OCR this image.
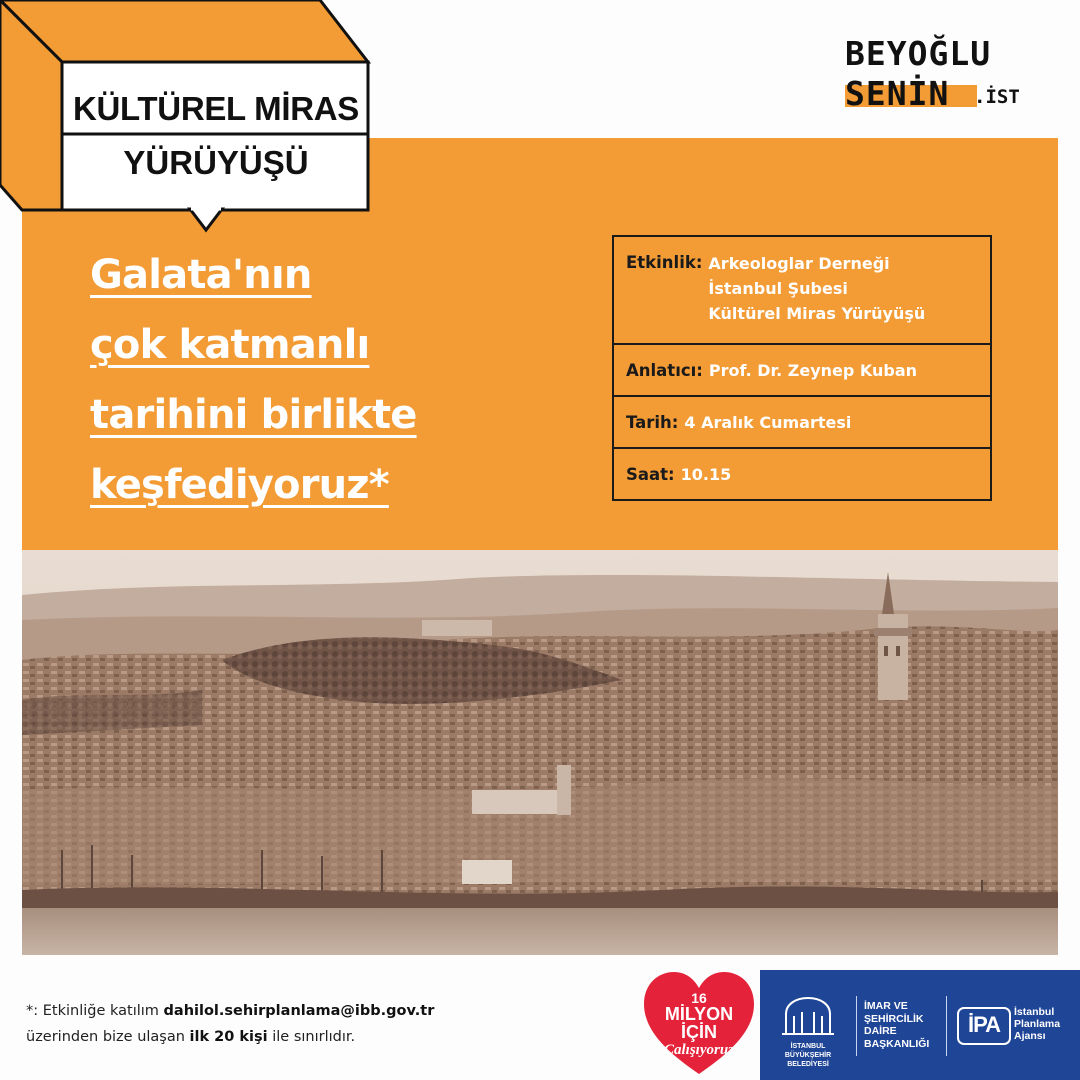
KÜLTÜREL MİRAS
YÜRÜYÜŞÜ
BEYOĞLU
SENİN .İST
Galata'nın
çok katmanlı
tarihini birlikte
keşfediyoruz*
Etkinlik: Arkeologlar Derneği
İstanbul Şubesi
Kültürel Miras Yürüyüşü
Anlatıcı: Prof. Dr. Zeynep Kuban
Tarih: 4 Aralık Cumartesi
Saat: 10.15
*: Etkinliğe katılım dahilol.sehirplanlama@ibb.gov.tr
üzerinden bize ulaşan ilk 20 kişi ile sınırlıdır.
16
MİLYON
İÇİN
Çalışıyoruz	İSTANBUL
BÜYÜKŞEHİR
BELEDİYESİ
İMAR VE
ŞEHİRCİLİK
DAİRE
BAŞKANLIĞI
İPA	İstanbul
Planlama
Ajansı
